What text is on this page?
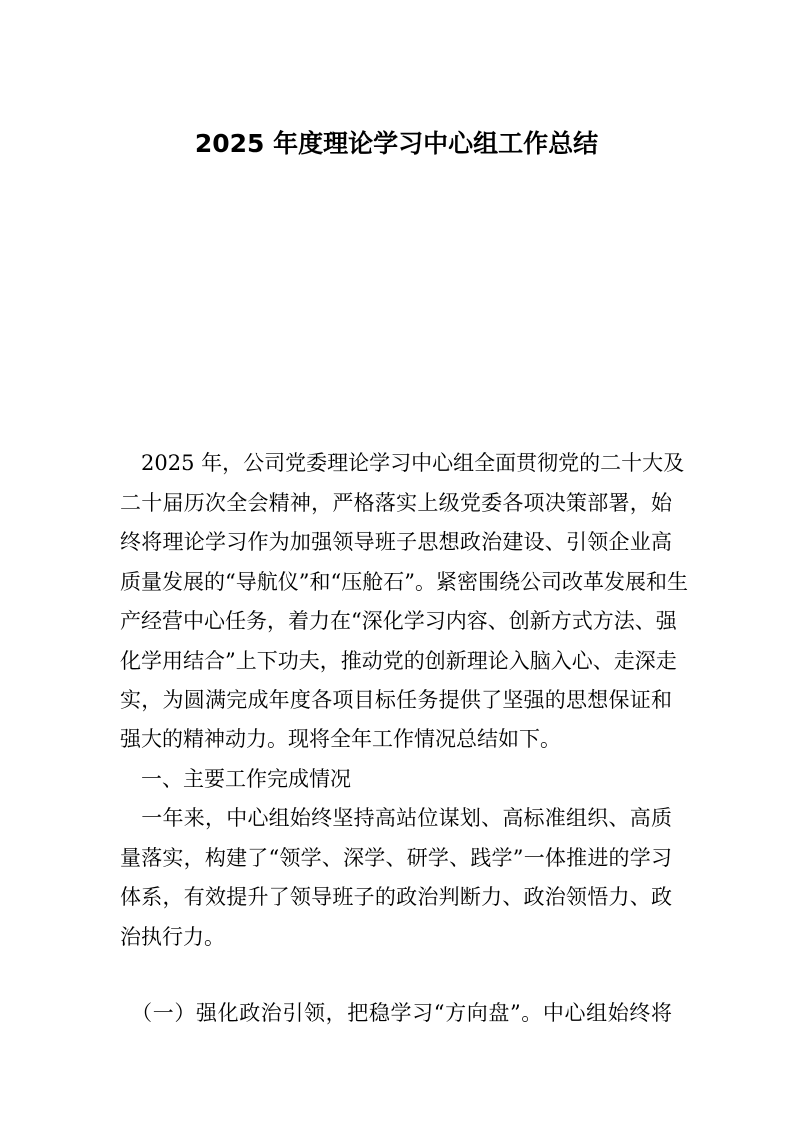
2025 年度理论学习中心组工作总结

　2025 年，公司党委理论学习中心组全面贯彻党的二十大及

二十届历次全会精神，严格落实上级党委各项决策部署，始

终将理论学习作为加强领导班子思想政治建设、引领企业高

质量发展的“导航仪”和“压舱石”。紧密围绕公司改革发展和生

产经营中心任务，着力在“深化学习内容、创新方式方法、强

化学用结合”上下功夫，推动党的创新理论入脑入心、走深走

实，为圆满完成年度各项目标任务提供了坚强的思想保证和

强大的精神动力。现将全年工作情况总结如下。

　一、主要工作完成情况

　一年来，中心组始终坚持高站位谋划、高标准组织、高质

量落实，构建了“领学、深学、研学、践学”一体推进的学习

体系，有效提升了领导班子的政治判断力、政治领悟力、政

治执行力。

　（一）强化政治引领，把稳学习“方向盘”。中心组始终将
